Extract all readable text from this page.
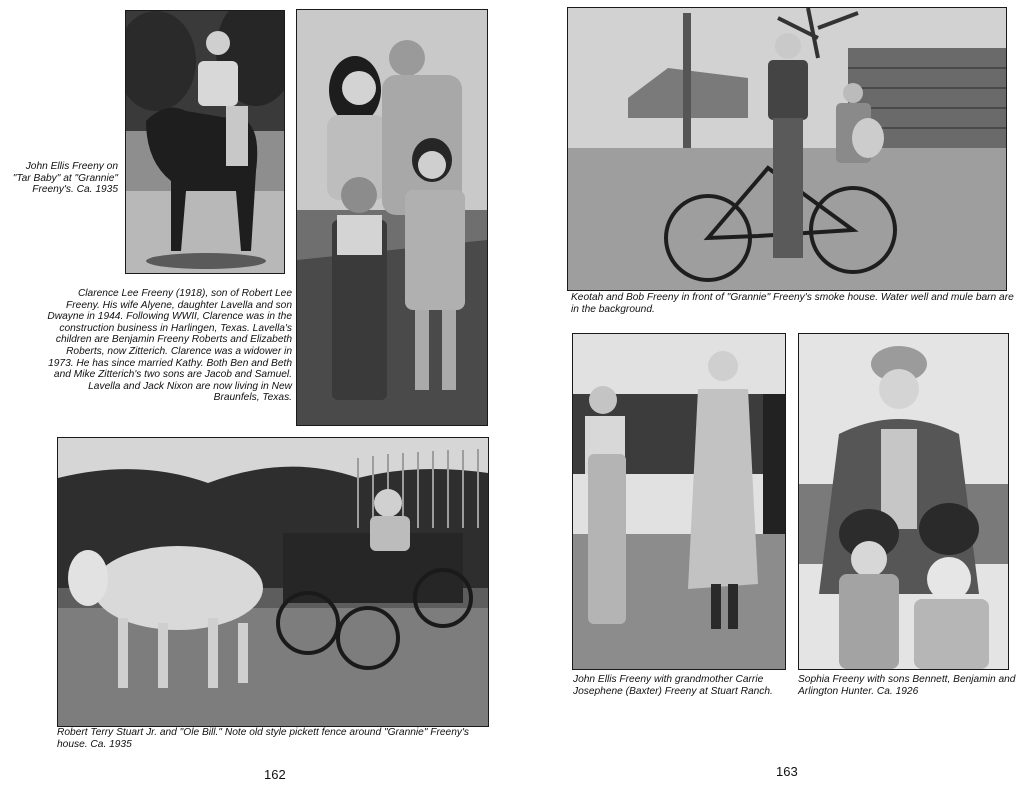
John Ellis Freeny on "Tar Baby" at "Grannie" Freeny's. Ca. 1935
Clarence Lee Freeny (1918), son of Robert Lee Freeny. His wife Alyene, daughter Lavella and son Dwayne in 1944. Following WWII, Clarence was in the construction business in Harlingen, Texas. Lavella's children are Benjamin Freeny Roberts and Elizabeth Roberts, now Zitterich. Clarence was a widower in 1973. He has since married Kathy. Both Ben and Beth and Mike Zitterich's two sons are Jacob and Samuel. Lavella and Jack Nixon are now living in New Braunfels, Texas.
Robert Terry Stuart Jr. and "Ole Bill." Note old style pickett fence around "Grannie" Freeny's house. Ca. 1935
162
Keotah and Bob Freeny in front of "Grannie" Freeny's smoke house. Water well and mule barn are in the background.
John Ellis Freeny with grandmother Carrie Josephene (Baxter) Freeny at Stuart Ranch.
Sophia Freeny with sons Bennett, Benjamin and Arlington Hunter. Ca. 1926
163
